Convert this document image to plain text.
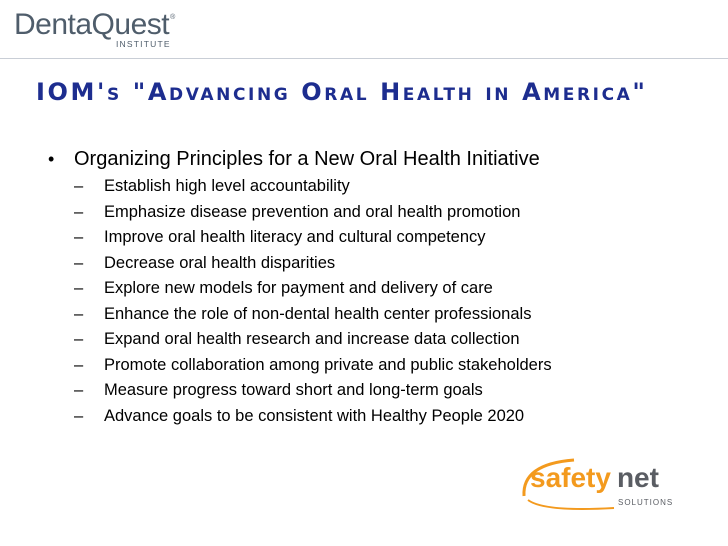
DentaQuest®
INSTITUTE
IOM's "Advancing Oral Health in America"
• Organizing Principles for a New Oral Health Initiative
– Establish high level accountability
– Emphasize disease prevention and oral health promotion
– Improve oral health literacy and cultural competency
– Decrease oral health disparities
– Explore new models for payment and delivery of care
– Enhance the role of non-dental health center professionals
– Expand oral health research and increase data collection
– Promote collaboration among private and public stakeholders
– Measure progress toward short and long-term goals
– Advance goals to be consistent with Healthy People 2020
safety net
SOLUTIONS
